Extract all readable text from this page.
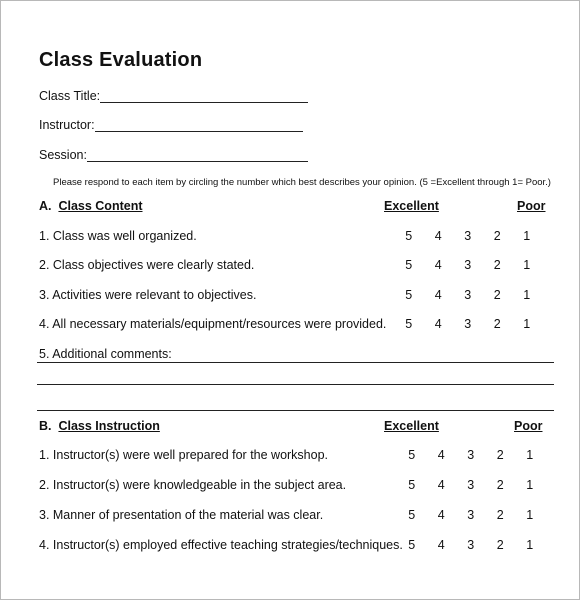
Class Evaluation
Class Title:
Instructor:
Session:
Please respond to each item by circling the number which best describes your opinion. (5 =Excellent through 1= Poor.)
A. Class Content	Excellent	Poor
1. Class was well organized.	5	4	3	2	1
2. Class objectives were clearly stated.	5	4	3	2	1
3. Activities were relevant to objectives.	5	4	3	2	1
4. All necessary materials/equipment/resources were provided.	5	4	3	2	1
5. Additional comments:
B. Class Instruction	Excellent	Poor
1. Instructor(s) were well prepared for the workshop.	5	4	3	2	1
2. Instructor(s) were knowledgeable in the subject area.	5	4	3	2	1
3. Manner of presentation of the material was clear.	5	4	3	2	1
4. Instructor(s) employed effective teaching strategies/techniques. 5	4	3	2	1
